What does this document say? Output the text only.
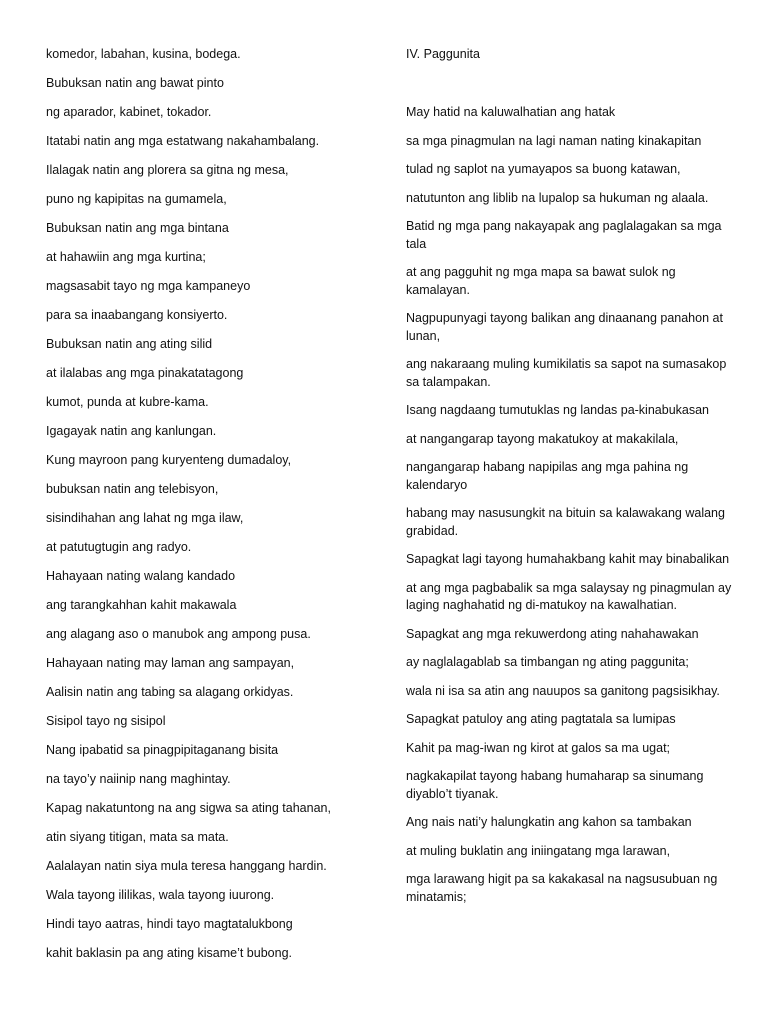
komedor, labahan, kusina, bodega.

Bubuksan natin ang bawat pinto

ng aparador, kabinet, tokador.

Itatabi natin ang mga estatwang nakahambalang.

Ilalagak natin ang plorera sa gitna ng mesa,

puno ng kapipitas na gumamela,

Bubuksan natin ang mga bintana

at hahawiin ang mga kurtina;

magsasabit tayo ng mga kampaneyo

para sa inaabangang konsiyerto.

Bubuksan natin ang ating silid

at ilalabas ang mga pinakatatagong

kumot, punda at kubre-kama.

Igagayak natin ang kanlungan.

Kung mayroon pang kuryenteng dumadaloy,

bubuksan natin ang telebisyon,

sisindihahan ang lahat ng mga ilaw,

at patutugtugin ang radyo.

Hahayaan nating walang kandado

ang tarangkahhan kahit makawala

ang alagang aso o manubok ang ampong pusa.

Hahayaan nating may laman ang sampayan,

Aalisin natin ang tabing sa alagang orkidyas.

Sisipol tayo ng sisipol

Nang ipabatid sa pinagpipitaganang bisita

na tayo’y naiinip nang maghintay.

Kapag nakatuntong na ang sigwa sa ating tahanan,

atin siyang titigan, mata sa mata.

Aalalayan natin siya mula teresa hanggang hardin.

Wala tayong ililikas, wala tayong iuurong.

Hindi tayo aatras, hindi tayo magtatalukbong

kahit baklasin pa ang ating kisame’t bubong.

IV. Paggunita

May hatid na kaluwalhatian ang hatak

sa mga pinagmulan na lagi naman nating kinakapitan

tulad ng saplot na yumayapos sa buong katawan,

natutunton ang liblib na lupalop sa hukuman ng alaala.

Batid ng mga pang nakayapak ang paglalagakan sa mga tala

at ang pagguhit ng mga mapa sa bawat sulok ng kamalayan.

Nagpupunyagi tayong balikan ang dinaanang panahon at lunan,

ang nakaraang muling kumikilatis sa sapot na sumasakop sa talampakan.

Isang nagdaang tumutuklas ng landas pa-kinabukasan

at nangangarap tayong makatukoy at makakilala,

nangangarap habang napipilas ang mga pahina ng kalendaryo

habang may nasusungkit na bituin sa kalawakang walang grabidad.

Sapagkat lagi tayong humahakbang kahit may binabalikan

at ang mga pagbabalik sa mga salaysay ng pinagmulan ay laging naghahatid ng di-matukoy na kawalhatian.

Sapagkat ang mga rekuwerdong ating nahahawakan

ay naglalagablab sa timbangan ng ating paggunita;

wala ni isa sa atin ang nauupos sa ganitong pagsisikhay.

Sapagkat patuloy ang ating pagtatala sa lumipas

Kahit pa mag-iwan ng kirot at galos sa ma ugat;

nagkakapilat tayong habang humaharap sa sinumang diyablo’t tiyanak.

Ang nais nati’y halungkatin ang kahon sa tambakan

at muling buklatin ang iniingatang mga larawan,

mga larawang higit pa sa kakakasal na nagsusubuan ng minatamis;
